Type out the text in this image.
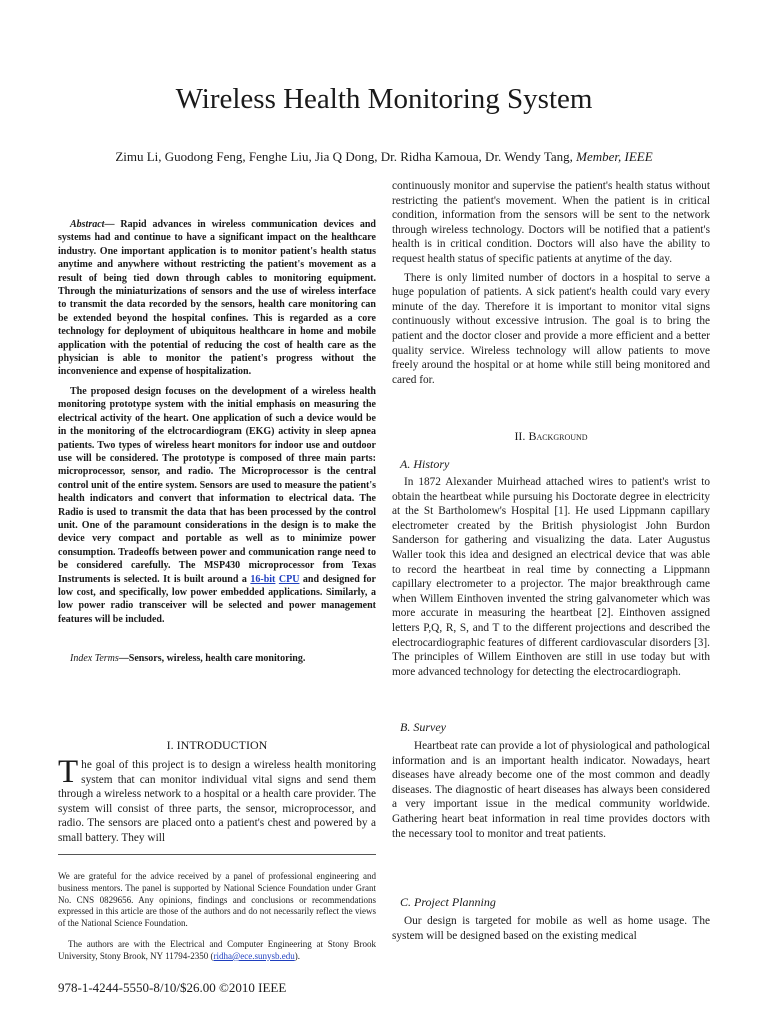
Wireless Health Monitoring System
Zimu Li, Guodong Feng, Fenghe Liu, Jia Q Dong, Dr. Ridha Kamoua, Dr. Wendy Tang, Member, IEEE

Abstract— Rapid advances in wireless communication devices and systems had and continue to have a significant impact on the healthcare industry. One important application is to monitor patient's health status anytime and anywhere without restricting the patient's movement as a result of being tied down through cables to monitoring equipment. Through the miniaturizations of sensors and the use of wireless interface to transmit the data recorded by the sensors, health care monitoring can be extended beyond the hospital confines. This is regarded as a core technology for deployment of ubiquitous healthcare in home and mobile application with the potential of reducing the cost of health care as the physician is able to monitor the patient's progress without the inconvenience and expense of hospitalization.

The proposed design focuses on the development of a wireless health monitoring prototype system with the initial emphasis on measuring the electrical activity of the heart. One application of such a device would be in the monitoring of the elctrocardiogram (EKG) activity in sleep apnea patients. Two types of wireless heart monitors for indoor use and outdoor use will be considered. The prototype is composed of three main parts: microprocessor, sensor, and radio. The Microprocessor is the central control unit of the entire system. Sensors are used to measure the patient's health indicators and convert that information to electrical data. The Radio is used to transmit the data that has been processed by the control unit. One of the paramount considerations in the design is to make the device very compact and portable as well as to minimize power consumption. Tradeoffs between power and communication range need to be considered carefully. The MSP430 microprocessor from Texas Instruments is selected. It is built around a 16-bit CPU and designed for low cost, and specifically, low power embedded applications. Similarly, a low power radio transceiver will be selected and power management features will be included.

Index Terms—Sensors, wireless, health care monitoring.

I. INTRODUCTION

The goal of this project is to design a wireless health monitoring system that can monitor individual vital signs and send them through a wireless network to a hospital or a health care provider. The system will consist of three parts, the sensor, microprocessor, and radio. The sensors are placed onto a patient's chest and powered by a small battery. They will

We are grateful for the advice received by a panel of professional engineering and business mentors. The panel is supported by National Science Foundation under Grant No. CNS 0829656. Any opinions, findings and conclusions or recommendations expressed in this article are those of the authors and do not necessarily reflect the views of the National Science Foundation.

The authors are with the Electrical and Computer Engineering at Stony Brook University, Stony Brook, NY 11794-2350 (ridha@ece.sunysb.edu).

continuously monitor and supervise the patient's health status without restricting the patient's movement. When the patient is in critical condition, information from the sensors will be sent to the network through wireless technology. Doctors will be notified that a patient's health is in critical condition. Doctors will also have the ability to request health status of specific patients at anytime of the day.

There is only limited number of doctors in a hospital to serve a huge population of patients. A sick patient's health could vary every minute of the day. Therefore it is important to monitor vital signs continuously without excessive intrusion. The goal is to bring the patient and the doctor closer and provide a more efficient and a better quality service. Wireless technology will allow patients to move freely around the hospital or at home while still being monitored and cared for.

II. Background
A. History

In 1872 Alexander Muirhead attached wires to patient's wrist to obtain the heartbeat while pursuing his Doctorate degree in electricity at the St Bartholomew's Hospital [1]. He used Lippmann capillary electrometer created by the British physiologist John Burdon Sanderson for gathering and visualizing the data. Later Augustus Waller took this idea and designed an electrical device that was able to record the heartbeat in real time by connecting a Lippmann capillary electrometer to a projector. The major breakthrough came when Willem Einthoven invented the string galvanometer which was more accurate in measuring the heartbeat [2]. Einthoven assigned letters P,Q, R, S, and T to the different projections and described the electrocardiographic features of different cardiovascular disorders [3]. The principles of Willem Einthoven are still in use today but with more advanced technology for detecting the electrocardiograph.

B. Survey

Heartbeat rate can provide a lot of physiological and pathological information and is an important health indicator. Nowadays, heart diseases have already become one of the most common and deadly diseases. The diagnostic of heart diseases has always been considered a very important issue in the medical community worldwide. Gathering heart beat information in real time provides doctors with the necessary tool to monitor and treat patients.

C. Project Planning

Our design is targeted for mobile as well as home usage. The system will be designed based on the existing medical

978-1-4244-5550-8/10/$26.00 ©2010 IEEE
